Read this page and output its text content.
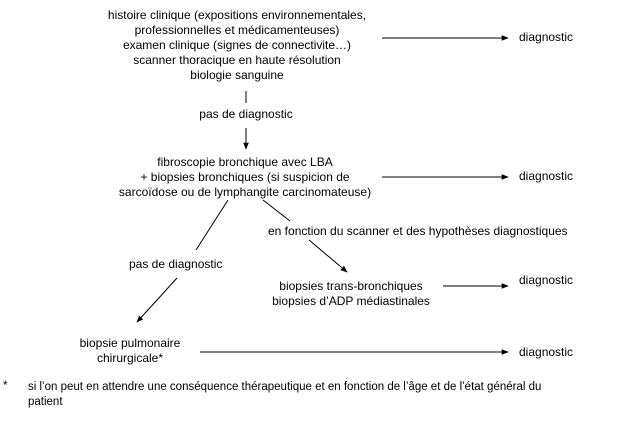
histoire clinique (expositions environnementales,
professionnelles et médicamenteuses)
examen clinique (signes de connectivite…)
scanner thoracique en haute résolution
biologie sanguine
diagnostic
pas de diagnostic
fibroscopie bronchique avec LBA
+ biopsies bronchiques (si suspicion de
sarcoïdose ou de lymphangite carcinomateuse)
diagnostic
en fonction du scanner et des hypothèses diagnostiques
pas de diagnostic
biopsies trans-bronchiques
biopsies d’ADP médiastinales
diagnostic
biopsie pulmonaire
chirurgicale*	diagnostic
* si l’on peut en attendre une conséquence thérapeutique et en fonction de l’âge et de l’état général du
patient
